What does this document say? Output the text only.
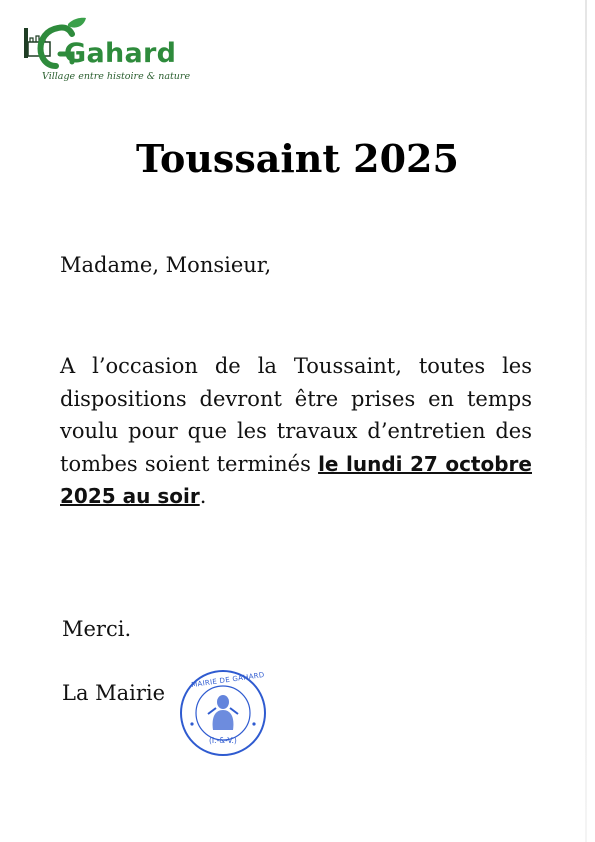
Gahard
Village entre histoire & nature
Toussaint 2025
Madame, Monsieur,
A l’occasion de la Toussaint, toutes les dispositions devront être prises en temps voulu pour que les travaux d’entretien des tombes soient terminés le lundi 27 octobre 2025 au soir.
Merci.
La Mairie
MAIRIE DE GAHARD
(I.-&-V.)
